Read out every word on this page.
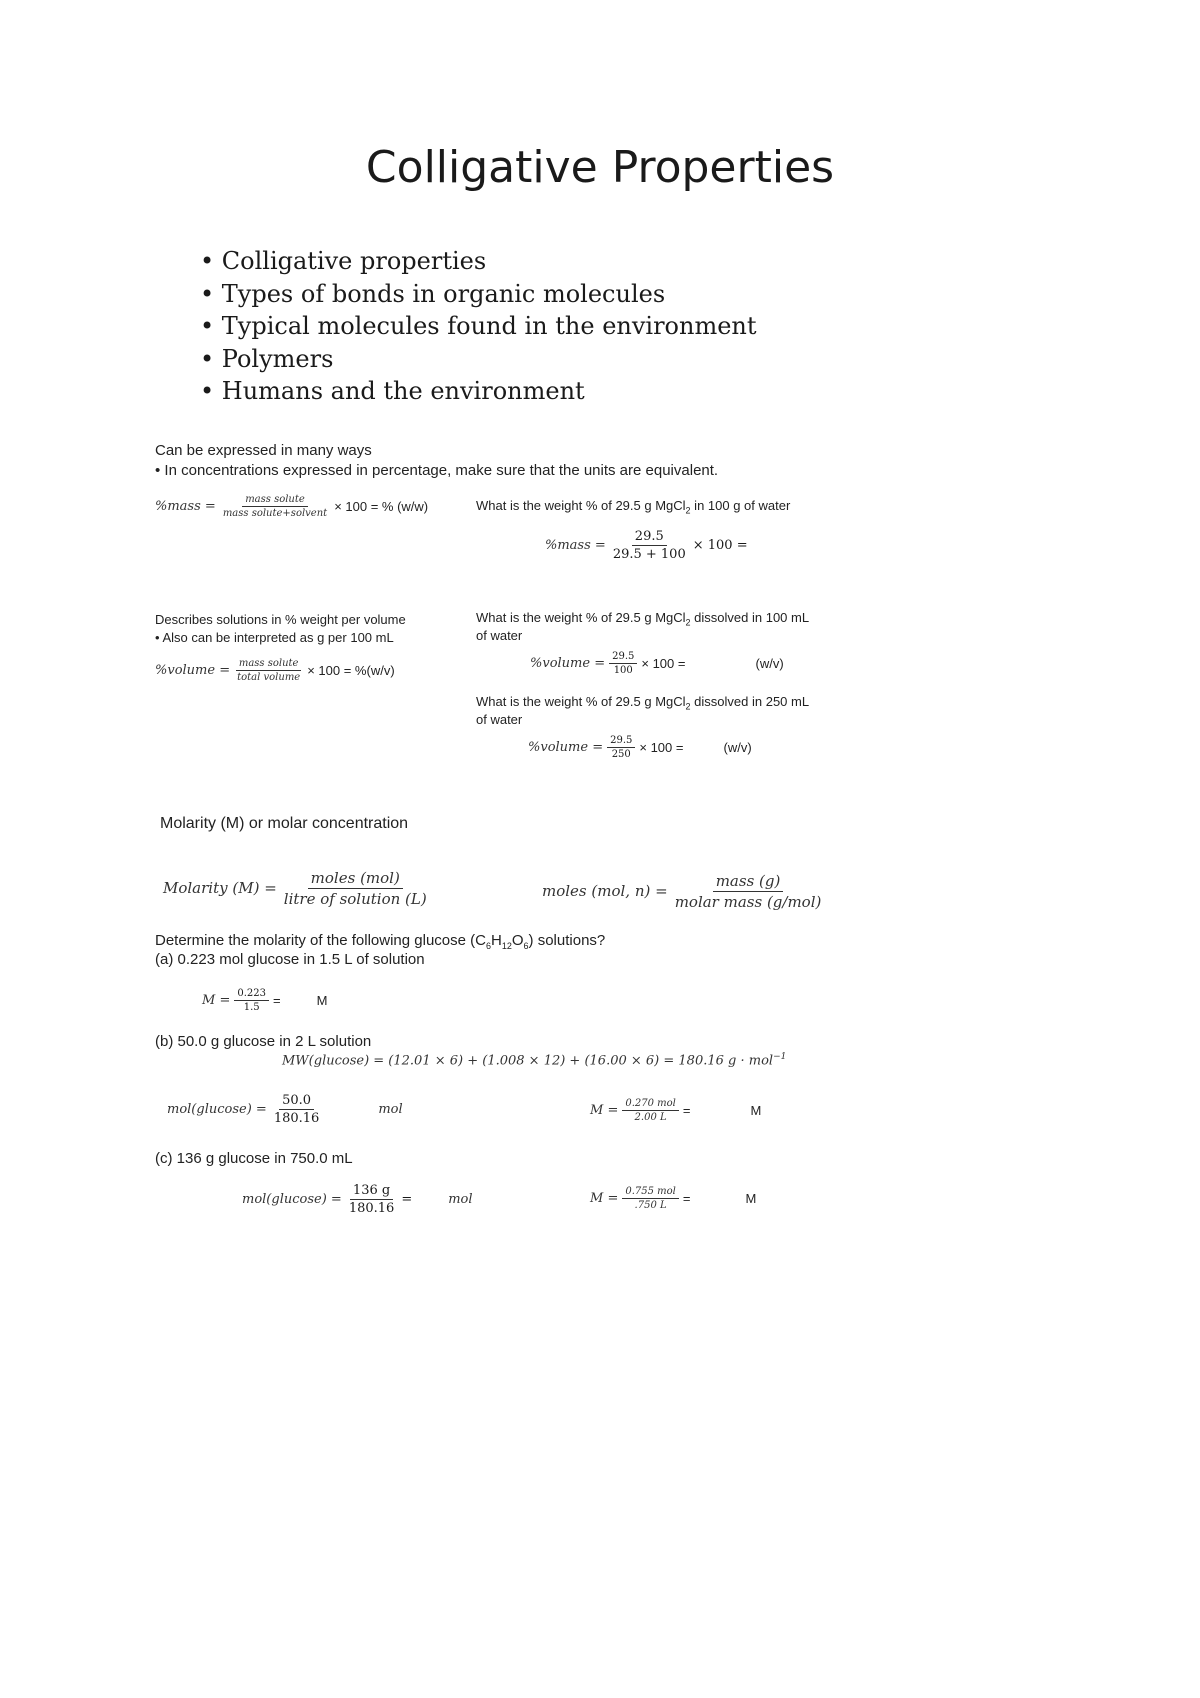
Colligative Properties
• Colligative properties
• Types of bonds in organic molecules
• Typical molecules found in the environment
• Polymers
• Humans and the environment
Can be expressed in many ways
• In concentrations expressed in percentage, make sure that the units are equivalent.
%mass = $\frac{\text{mass solute}}{\text{mass solute+solvent}} \times 100$ = % (w/w)	What is the weight % of 29.5 g MgCl$_2$ in 100 g of water
%mass = $\frac{29.5}{29.5 + 100} \times 100$ =
Describes solutions in % weight per volume
• Also can be interpreted as g per 100 mL
%volume = $\frac{\text{mass solute}}{\text{total volume}} \times 100 = \%(w/v)$
What is the weight % of 29.5 g MgCl$_2$ dissolved in 100 mL
of water
%volume = $\frac{29.5}{100} \times 100$ =	(w/v)
What is the weight % of 29.5 g MgCl$_2$ dissolved in 250 mL
of water
%volume = $\frac{29.5}{250} \times 100$ =	(w/v)
Molarity (M) or molar concentration
Molarity $(M) = \frac{\text{moles (mol)}}{\text{litre of solution (L)}}$	moles (mol, $n) = \frac{\text{mass (g)}}{\text{molar mass (g/mol)}}$
Determine the molarity of the following glucose $(C_6H_{12}O_6)$ solutions?
(a) 0.223 mol glucose in 1.5 L of solution
$M = \frac{0.223}{1.5}$ =	M
(b) 50.0 g glucose in 2 L solution
MW(glucose) = (12.01 × 6) + (1.008 × 12) + (16.00 × 6) = 180.16 g · mol$^{-1}$
$mol(glucose) = \frac{50.0}{180.16}$	mol	$M = \frac{\text{0.270 mol}}{2.00 L}$ =	M
(c) 136 g glucose in 750.0 mL
$mol(glucose) = \frac{136 g}{180.16}$ =	mol	$M = \frac{\text{0.755 mol}}{.750 L}$ =	M
